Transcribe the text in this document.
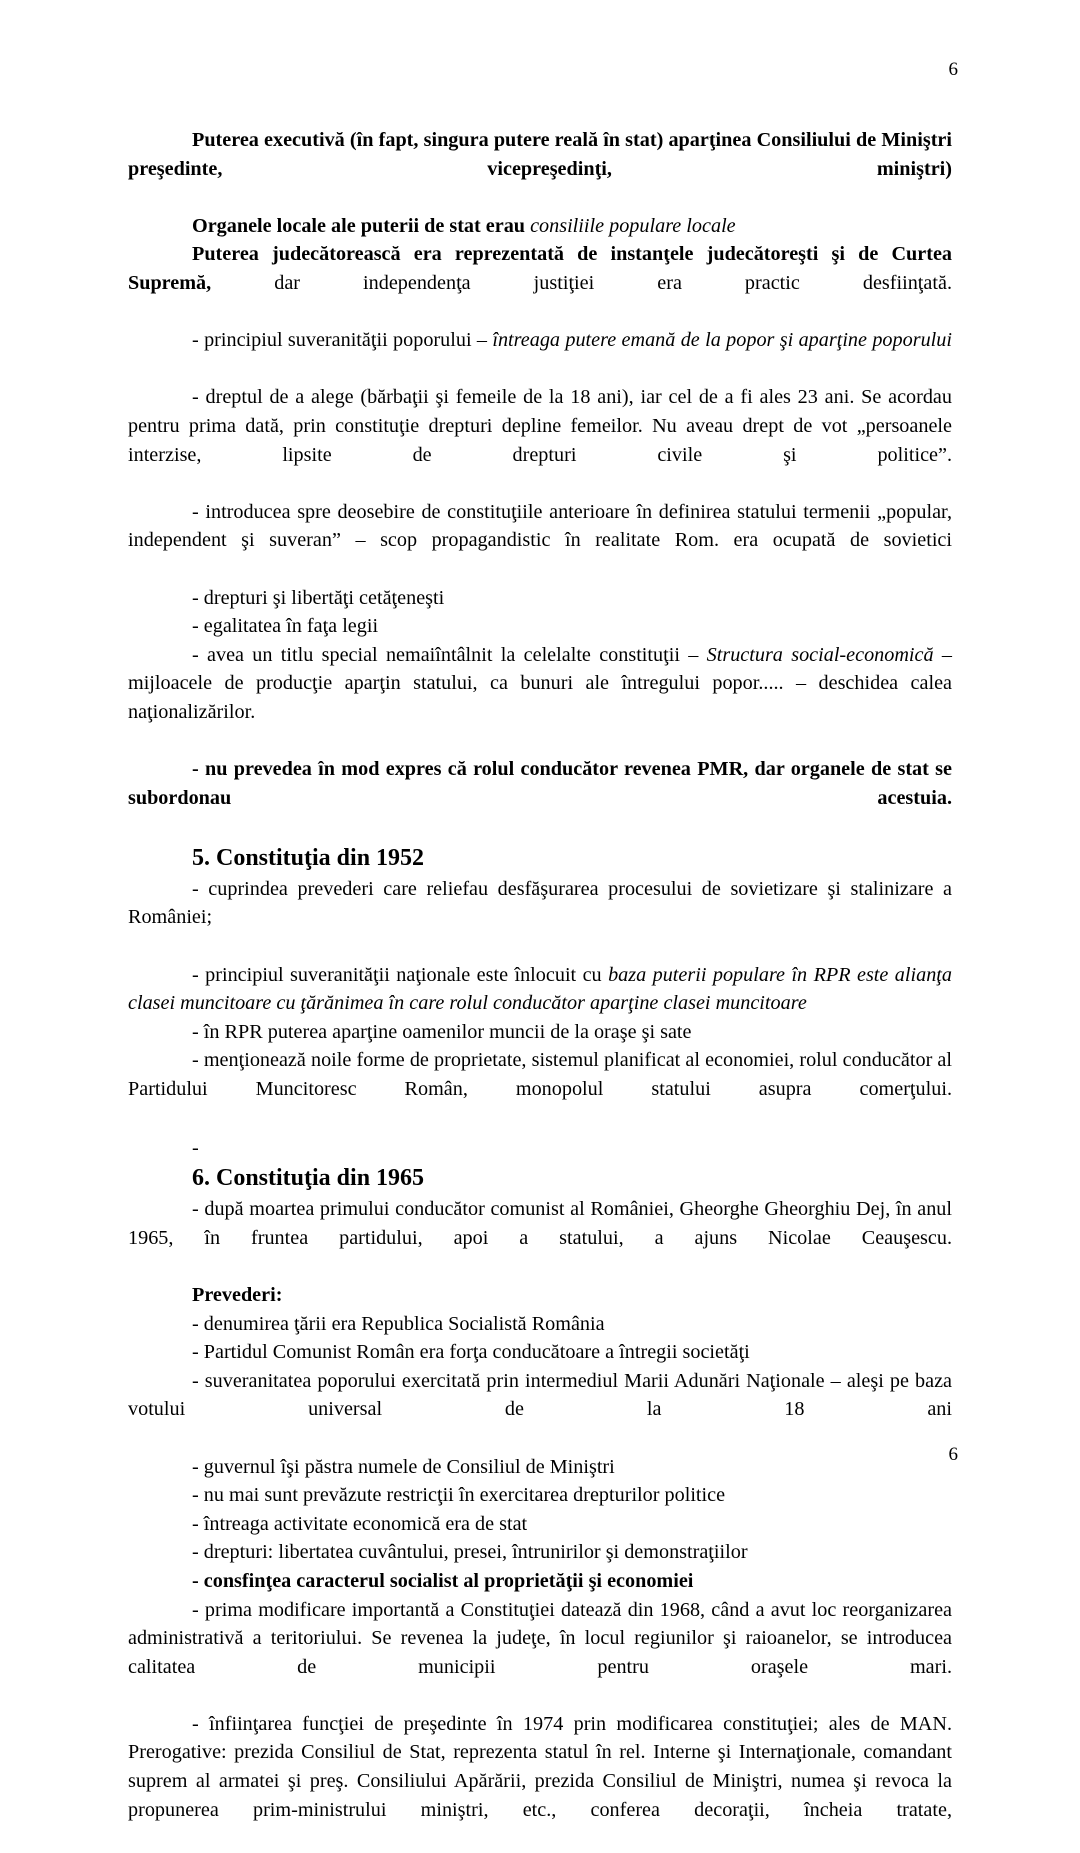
6

Puterea executivă (în fapt, singura putere reală în stat) aparţinea Consiliului de Miniştri preşedinte, vicepreşedinţi, miniştri)

Organele locale ale puterii de stat erau consiliile populare locale

Puterea judecătorească era reprezentată de instanţele judecătoreşti şi de Curtea Supremă, dar independenţa justiţiei era practic desfiinţată.

- principiul suveranităţii poporului – întreaga putere emană de la popor şi aparţine poporului

- dreptul de a alege (bărbaţii şi femeile de la 18 ani), iar cel de a fi ales 23 ani. Se acordau pentru prima dată, prin constituţie drepturi depline femeilor. Nu aveau drept de vot „persoanele interzise, lipsite de drepturi civile şi politice”.

- introducea spre deosebire de constituţiile anterioare în definirea statului termenii „popular, independent şi suveran” – scop propagandistic în realitate Rom. era ocupată de sovietici

- drepturi şi libertăţi cetăţeneşti

- egalitatea în faţa legii

- avea un titlu special nemaiîntâlnit la celelalte constituţii – Structura social-economică – mijloacele de producţie aparţin statului, ca bunuri ale întregului popor..... – deschidea calea naţionalizărilor.

- nu prevedea în mod expres că rolul conducător revenea PMR, dar organele de stat se subordonau acestuia.

5. Constituţia din 1952

- cuprindea prevederi care reliefau desfăşurarea procesului de sovietizare şi stalinizare a României;

- principiul suveranităţii naţionale este înlocuit cu baza puterii populare în RPR este alianţa clasei muncitoare cu ţărănimea în care rolul conducător aparţine clasei muncitoare

- în RPR puterea aparţine oamenilor muncii de la oraşe şi sate

- menţionează noile forme de proprietate, sistemul planificat al economiei, rolul conducător al Partidului Muncitoresc Român, monopolul statului asupra comerţului.

-
6. Constituţia din 1965

- după moartea primului conducător comunist al României, Gheorghe Gheorghiu Dej, în anul 1965, în fruntea partidului, apoi a statului, a ajuns Nicolae Ceauşescu.

Prevederi:

- denumirea ţării era Republica Socialistă România

- Partidul Comunist Român era forţa conducătoare a întregii societăţi

- suveranitatea poporului exercitată prin intermediul Marii Adunări Naţionale – aleşi pe baza votului universal de la 18 ani

- guvernul îşi păstra numele de Consiliul de Miniştri

- nu mai sunt prevăzute restricţii în exercitarea drepturilor politice

- întreaga activitate economică era de stat

- drepturi: libertatea cuvântului, presei, întrunirilor şi demonstraţiilor

- consfinţea caracterul socialist al proprietăţii şi economiei

- prima modificare importantă a Constituţiei datează din 1968, când a avut loc reorganizarea administrativă a teritoriului. Se revenea la judeţe, în locul regiunilor şi raioanelor, se introducea calitatea de municipii pentru oraşele mari.

- înfiinţarea funcţiei de preşedinte în 1974 prin modificarea constituţiei; ales de MAN. Prerogative: prezida Consiliul de Stat, reprezenta statul în rel. Interne şi Internaţionale, comandant suprem al armatei şi preş. Consiliului Apărării, prezida Consiliul de Miniştri, numea şi revoca la propunerea prim-ministrului miniştri, etc., conferea decoraţii, încheia tratate,

6
